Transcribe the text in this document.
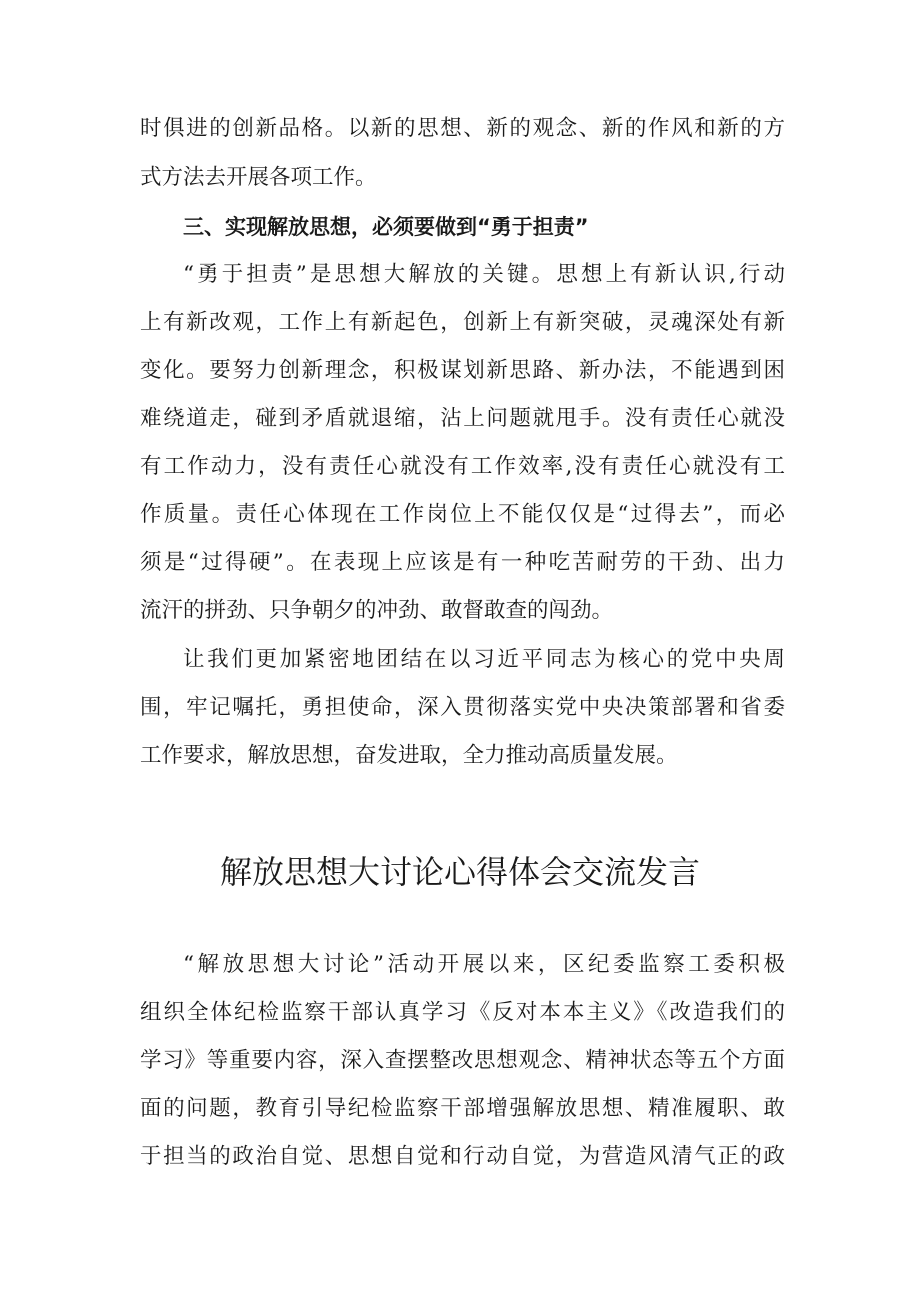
时俱进的创新品格。以新的思想、新的观念、新的作风和新的方
式方法去开展各项工作。
三、实现解放思想，必须要做到“勇于担责”
“勇于担责”是思想大解放的关键。思想上有新认识,行动
上有新改观，工作上有新起色，创新上有新突破，灵魂深处有新
变化。要努力创新理念，积极谋划新思路、新办法，不能遇到困
难绕道走，碰到矛盾就退缩，沾上问题就甩手。没有责任心就没
有工作动力，没有责任心就没有工作效率,没有责任心就没有工
作质量。责任心体现在工作岗位上不能仅仅是“过得去”，而必
须是“过得硬”。在表现上应该是有一种吃苦耐劳的干劲、出力
流汗的拼劲、只争朝夕的冲劲、敢督敢查的闯劲。
让我们更加紧密地团结在以习近平同志为核心的党中央周
围，牢记嘱托，勇担使命，深入贯彻落实党中央决策部署和省委
工作要求，解放思想，奋发进取，全力推动高质量发展。
解放思想大讨论心得体会交流发言
“解放思想大讨论”活动开展以来，区纪委监察工委积极
组织全体纪检监察干部认真学习《反对本本主义》《改造我们的
学习》等重要内容，深入查摆整改思想观念、精神状态等五个方面
面的问题，教育引导纪检监察干部增强解放思想、精准履职、敢
于担当的政治自觉、思想自觉和行动自觉，为营造风清气正的政
